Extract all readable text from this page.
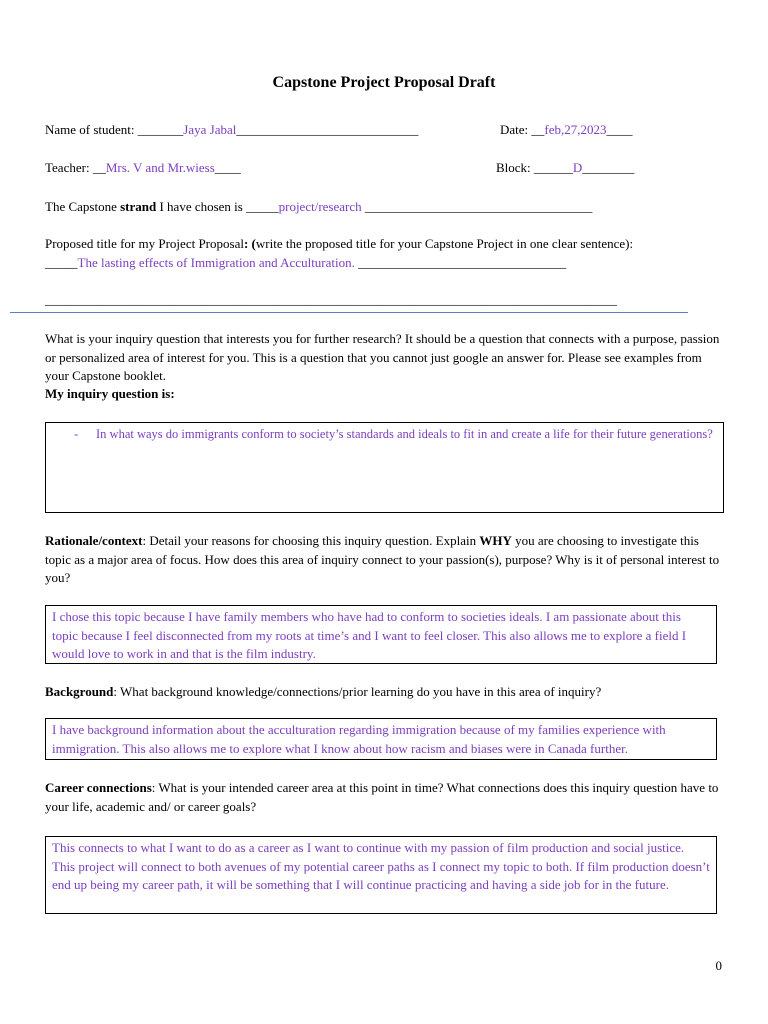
Capstone Project Proposal Draft
Name of student: _______Jaya Jabal____________________________	Date: __feb,27,2023____
Teacher: __Mrs. V and Mr.wiess____	Block: ______D________
The Capstone strand I have chosen is _____project/research ___________________________________
Proposed title for my Project Proposal: (write the proposed title for your Capstone Project in one clear sentence):
_____The lasting effects of Immigration and Acculturation. ________________________________
________________________________________________________________________________________
What is your inquiry question that interests you for further research? It should be a question that connects with a purpose, passion or personalized area of interest for you. This is a question that you cannot just google an answer for. Please see examples from your Capstone booklet.
My inquiry question is:
-	In what ways do immigrants conform to society’s standards and ideals to fit in and create a life for their future generations?
Rationale/context: Detail your reasons for choosing this inquiry question. Explain WHY you are choosing to investigate this topic as a major area of focus. How does this area of inquiry connect to your passion(s), purpose? Why is it of personal interest to you?
I chose this topic because I have family members who have had to conform to societies ideals. I am passionate about this topic because I feel disconnected from my roots at time’s and I want to feel closer. This also allows me to explore a field I would love to work in and that is the film industry.
Background: What background knowledge/connections/prior learning do you have in this area of inquiry?
I have background information about the acculturation regarding immigration because of my families experience with immigration. This also allows me to explore what I know about how racism and biases were in Canada further.
Career connections: What is your intended career area at this point in time? What connections does this inquiry question have to your life, academic and/ or career goals?
This connects to what I want to do as a career as I want to continue with my passion of film production and social justice. This project will connect to both avenues of my potential career paths as I connect my topic to both. If film production doesn’t end up being my career path, it will be something that I will continue practicing and having a side job for in the future.
0
